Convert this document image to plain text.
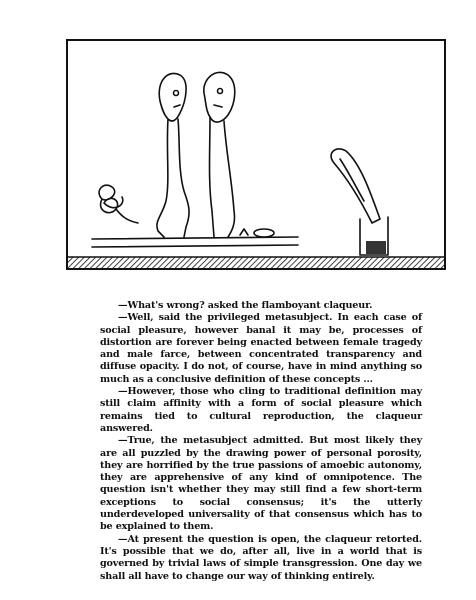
—What's wrong? asked the flamboyant claqueur.

—Well, said the privileged metasubject. In each case of social pleasure, however banal it may be, processes of distortion are forever being enacted between female tragedy and male farce, between concentrated transparency and diffuse opacity. I do not, of course, have in mind anything so much as a conclusive definition of these concepts ...

—However, those who cling to traditional definition may still claim affinity with a form of social pleasure which remains tied to cultural reproduction, the claqueur answered.

—True, the metasubject admitted. But most likely they are all puzzled by the drawing power of personal porosity, they are horrified by the true passions of amoebic autonomy, they are apprehensive of any kind of omnipotence. The question isn't whether they may still find a few short-term exceptions to social consensus; it's the utterly underdeveloped universality of that consensus which has to be explained to them.

—At present the question is open, the claqueur retorted. It's possible that we do, after all, live in a world that is governed by trivial laws of simple transgression. One day we shall all have to change our way of thinking entirely.
